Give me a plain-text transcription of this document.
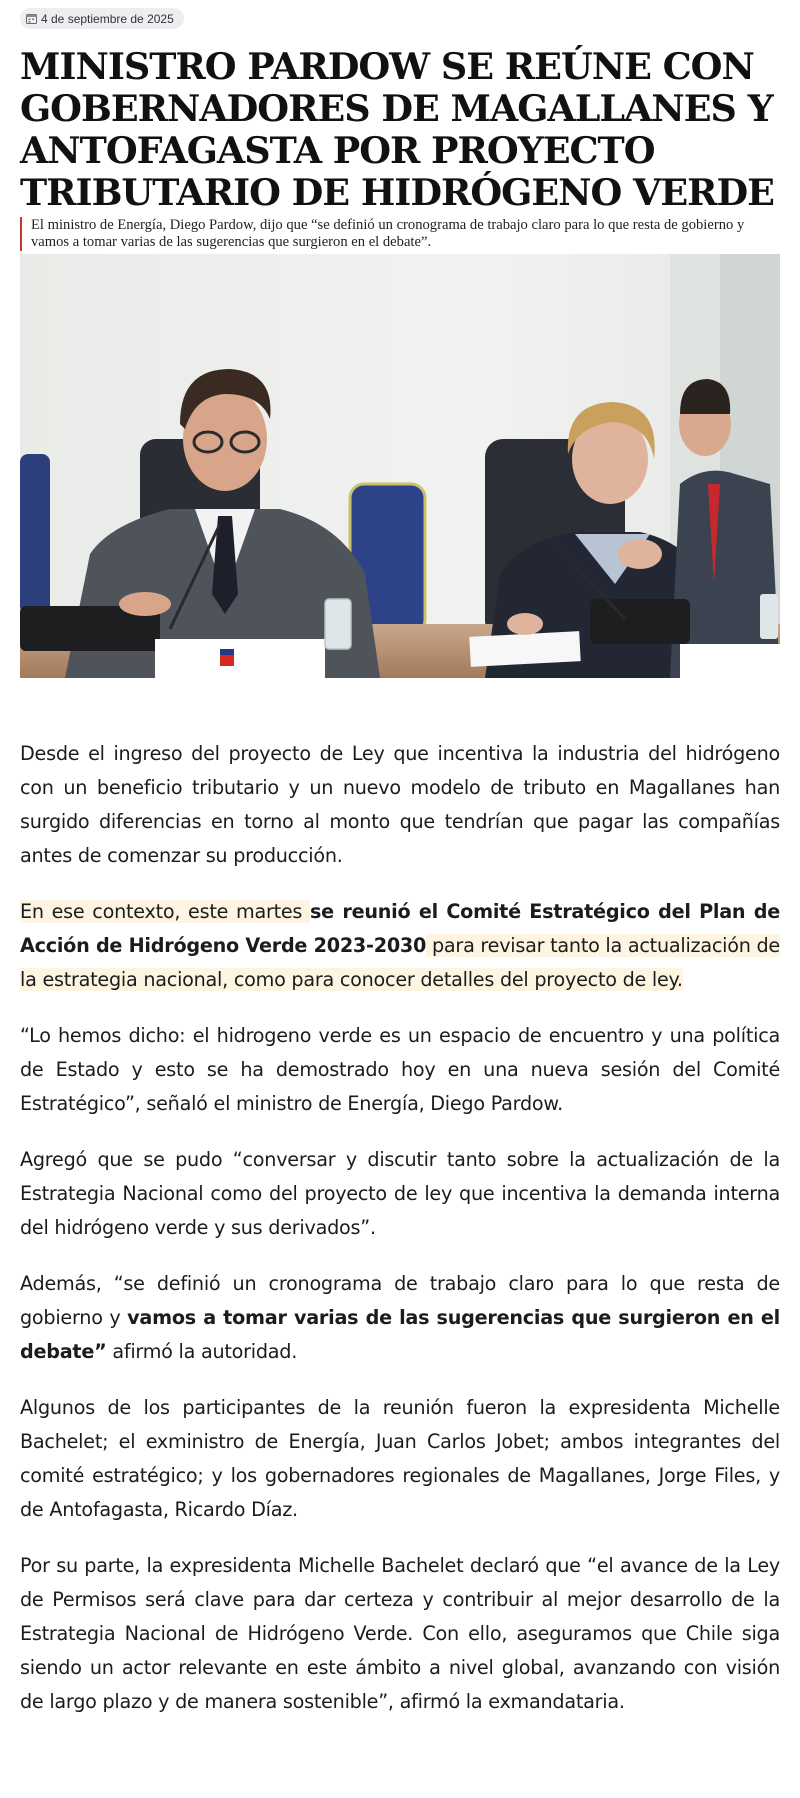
4 de septiembre de 2025
MINISTRO PARDOW SE REÚNE CON GOBERNADORES DE MAGALLANES Y ANTOFAGASTA POR PROYECTO TRIBUTARIO DE HIDRÓGENO VERDE
El ministro de Energía, Diego Pardow, dijo que “se definió un cronograma de trabajo claro para lo que resta de gobierno y vamos a tomar varias de las sugerencias que surgieron en el debate”.

Desde el ingreso del proyecto de Ley que incentiva la industria del hidrógeno con un beneficio tributario y un nuevo modelo de tributo en Magallanes han surgido diferencias en torno al monto que tendrían que pagar las compañías antes de comenzar su producción.

En ese contexto, este martes se reunió el Comité Estratégico del Plan de Acción de Hidrógeno Verde 2023-2030 para revisar tanto la actualización de la estrategia nacional, como para conocer detalles del proyecto de ley.

“Lo hemos dicho: el hidrogeno verde es un espacio de encuentro y una política de Estado y esto se ha demostrado hoy en una nueva sesión del Comité Estratégico”, señaló el ministro de Energía, Diego Pardow.

Agregó que se pudo “conversar y discutir tanto sobre la actualización de la Estrategia Nacional como del proyecto de ley que incentiva la demanda interna del hidrógeno verde y sus derivados”.

Además, “se definió un cronograma de trabajo claro para lo que resta de gobierno y vamos a tomar varias de las sugerencias que surgieron en el debate” afirmó la autoridad.

Algunos de los participantes de la reunión fueron la expresidenta Michelle Bachelet; el exministro de Energía, Juan Carlos Jobet; ambos integrantes del comité estratégico; y los gobernadores regionales de Magallanes, Jorge Files, y de Antofagasta, Ricardo Díaz.

Por su parte, la expresidenta Michelle Bachelet declaró que “el avance de la Ley de Permisos será clave para dar certeza y contribuir al mejor desarrollo de la Estrategia Nacional de Hidrógeno Verde. Con ello, aseguramos que Chile siga siendo un actor relevante en este ámbito a nivel global, avanzando con visión de largo plazo y de manera sostenible”, afirmó la exmandataria.
